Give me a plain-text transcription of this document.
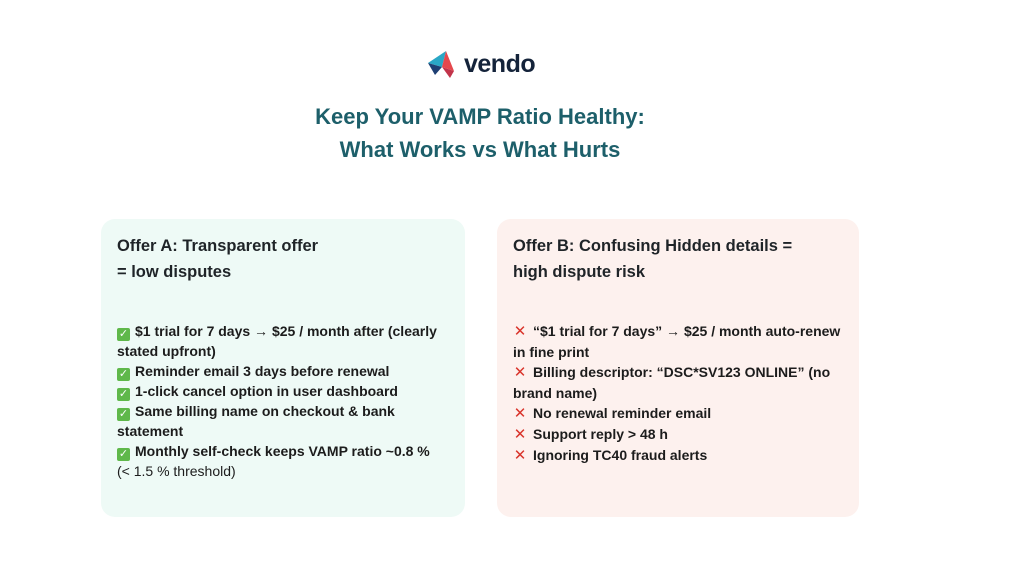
vendo
Keep Your VAMP Ratio Healthy:
What Works vs What Hurts
Offer A: Transparent offer
= low disputes
✓ $1 trial for 7 days → $25 / month after (clearly stated upfront)
✓ Reminder email 3 days before renewal
✓ 1-click cancel option in user dashboard
✓ Same billing name on checkout & bank statement
✓ Monthly self-check keeps VAMP ratio ~0.8 %
(< 1.5 % threshold)
Offer B: Confusing Hidden details =
high dispute risk
✕ “$1 trial for 7 days” → $25 / month auto-renew in fine print
✕ Billing descriptor: “DSC*SV123 ONLINE” (no brand name)
✕ No renewal reminder email
✕ Support reply > 48 h
✕ Ignoring TC40 fraud alerts
